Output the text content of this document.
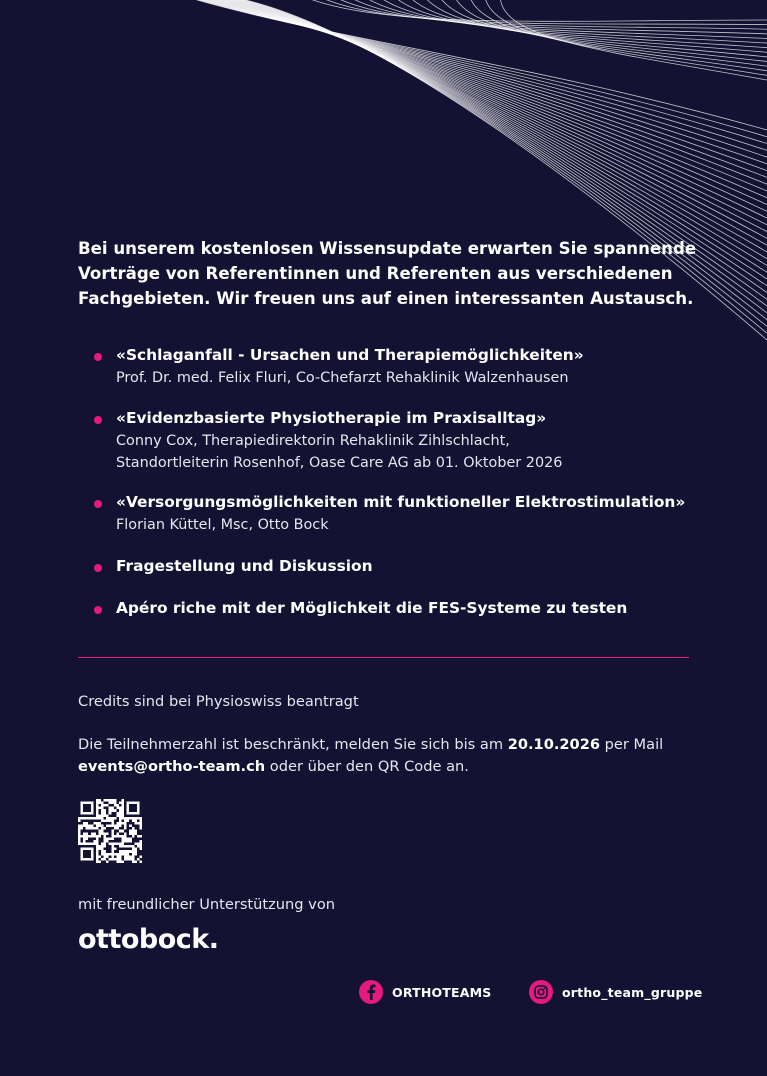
Bei unserem kostenlosen Wissensupdate erwarten Sie spannende Vorträge von Referentinnen und Referenten aus verschiedenen Fachgebieten. Wir freuen uns auf einen interessanten Austausch.

«Schlaganfall - Ursachen und Therapiemöglichkeiten»
Prof. Dr. med. Felix Fluri, Co-Chefarzt Rehaklinik Walzenhausen
«Evidenzbasierte Physiotherapie im Praxisalltag»
Conny Cox, Therapiedirektorin Rehaklinik Zihlschlacht,
Standortleiterin Rosenhof, Oase Care AG ab 01. Oktober 2026
«Versorgungsmöglichkeiten mit funktioneller Elektrostimulation»
Florian Küttel, Msc, Otto Bock
Fragestellung und Diskussion
Apéro riche mit der Möglichkeit die FES-Systeme zu testen

Credits sind bei Physioswiss beantragt

Die Teilnehmerzahl ist beschränkt, melden Sie sich bis am 20.10.2026 per Mail
events@ortho-team.ch oder über den QR Code an.

mit freundlicher Unterstützung von

ottobock.
ORTHOTEAMS	ortho_team_gruppe
